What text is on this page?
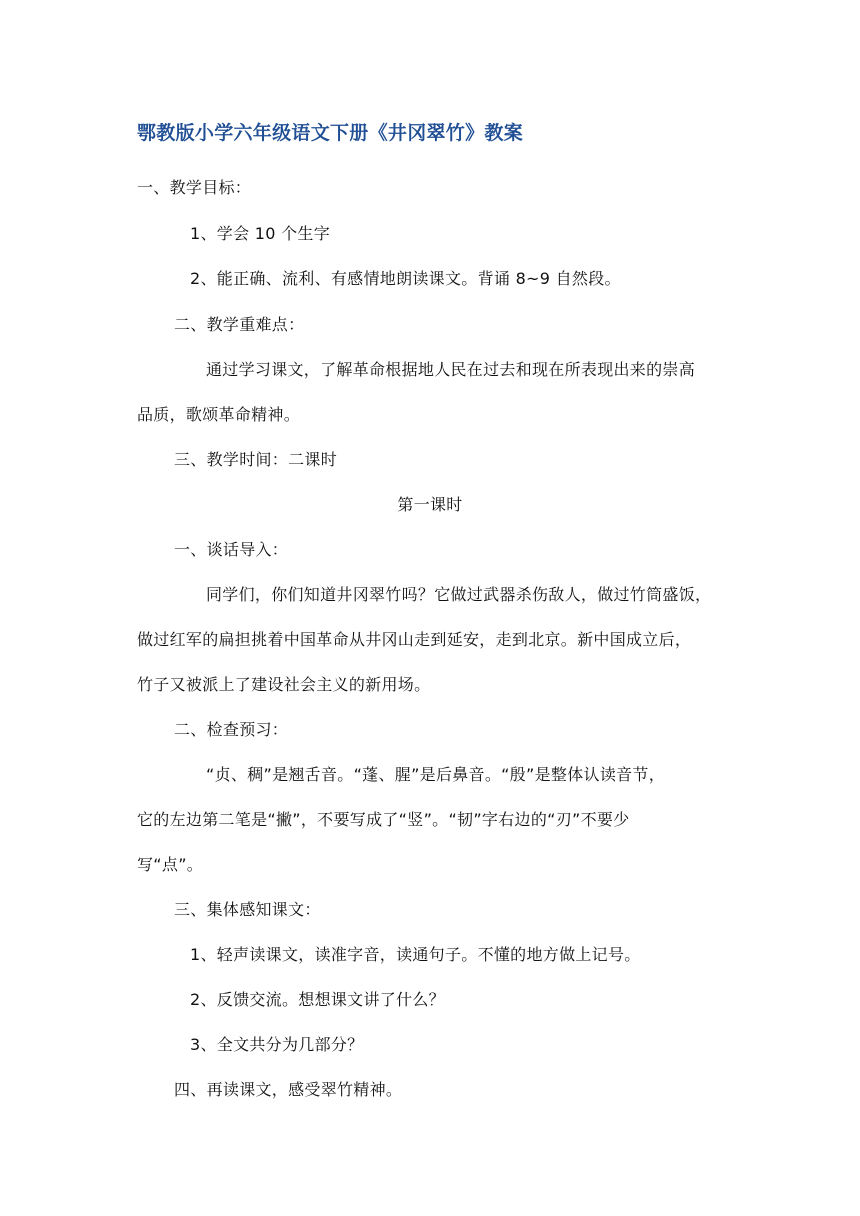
鄂教版小学六年级语文下册《井冈翠竹》教案
一、教学目标：
1、学会 10 个生字
2、能正确、流利、有感情地朗读课文。背诵 8~9 自然段。
二、教学重难点：
通过学习课文，了解革命根据地人民在过去和现在所表现出来的崇高
品质，歌颂革命精神。
三、教学时间：二课时
第一课时
一、谈话导入：
同学们，你们知道井冈翠竹吗？它做过武器杀伤敌人，做过竹筒盛饭，
做过红军的扁担挑着中国革命从井冈山走到延安，走到北京。新中国成立后，
竹子又被派上了建设社会主义的新用场。
二、检查预习：
“贞、稠”是翘舌音。“蓬、腥”是后鼻音。“殷”是整体认读音节，
它的左边第二笔是“撇”，不要写成了“竖”。“韧”字右边的“刃”不要少
写“点”。
三、集体感知课文：
1、轻声读课文，读准字音，读通句子。不懂的地方做上记号。
2、反馈交流。想想课文讲了什么？
3、全文共分为几部分？
四、再读课文，感受翠竹精神。
